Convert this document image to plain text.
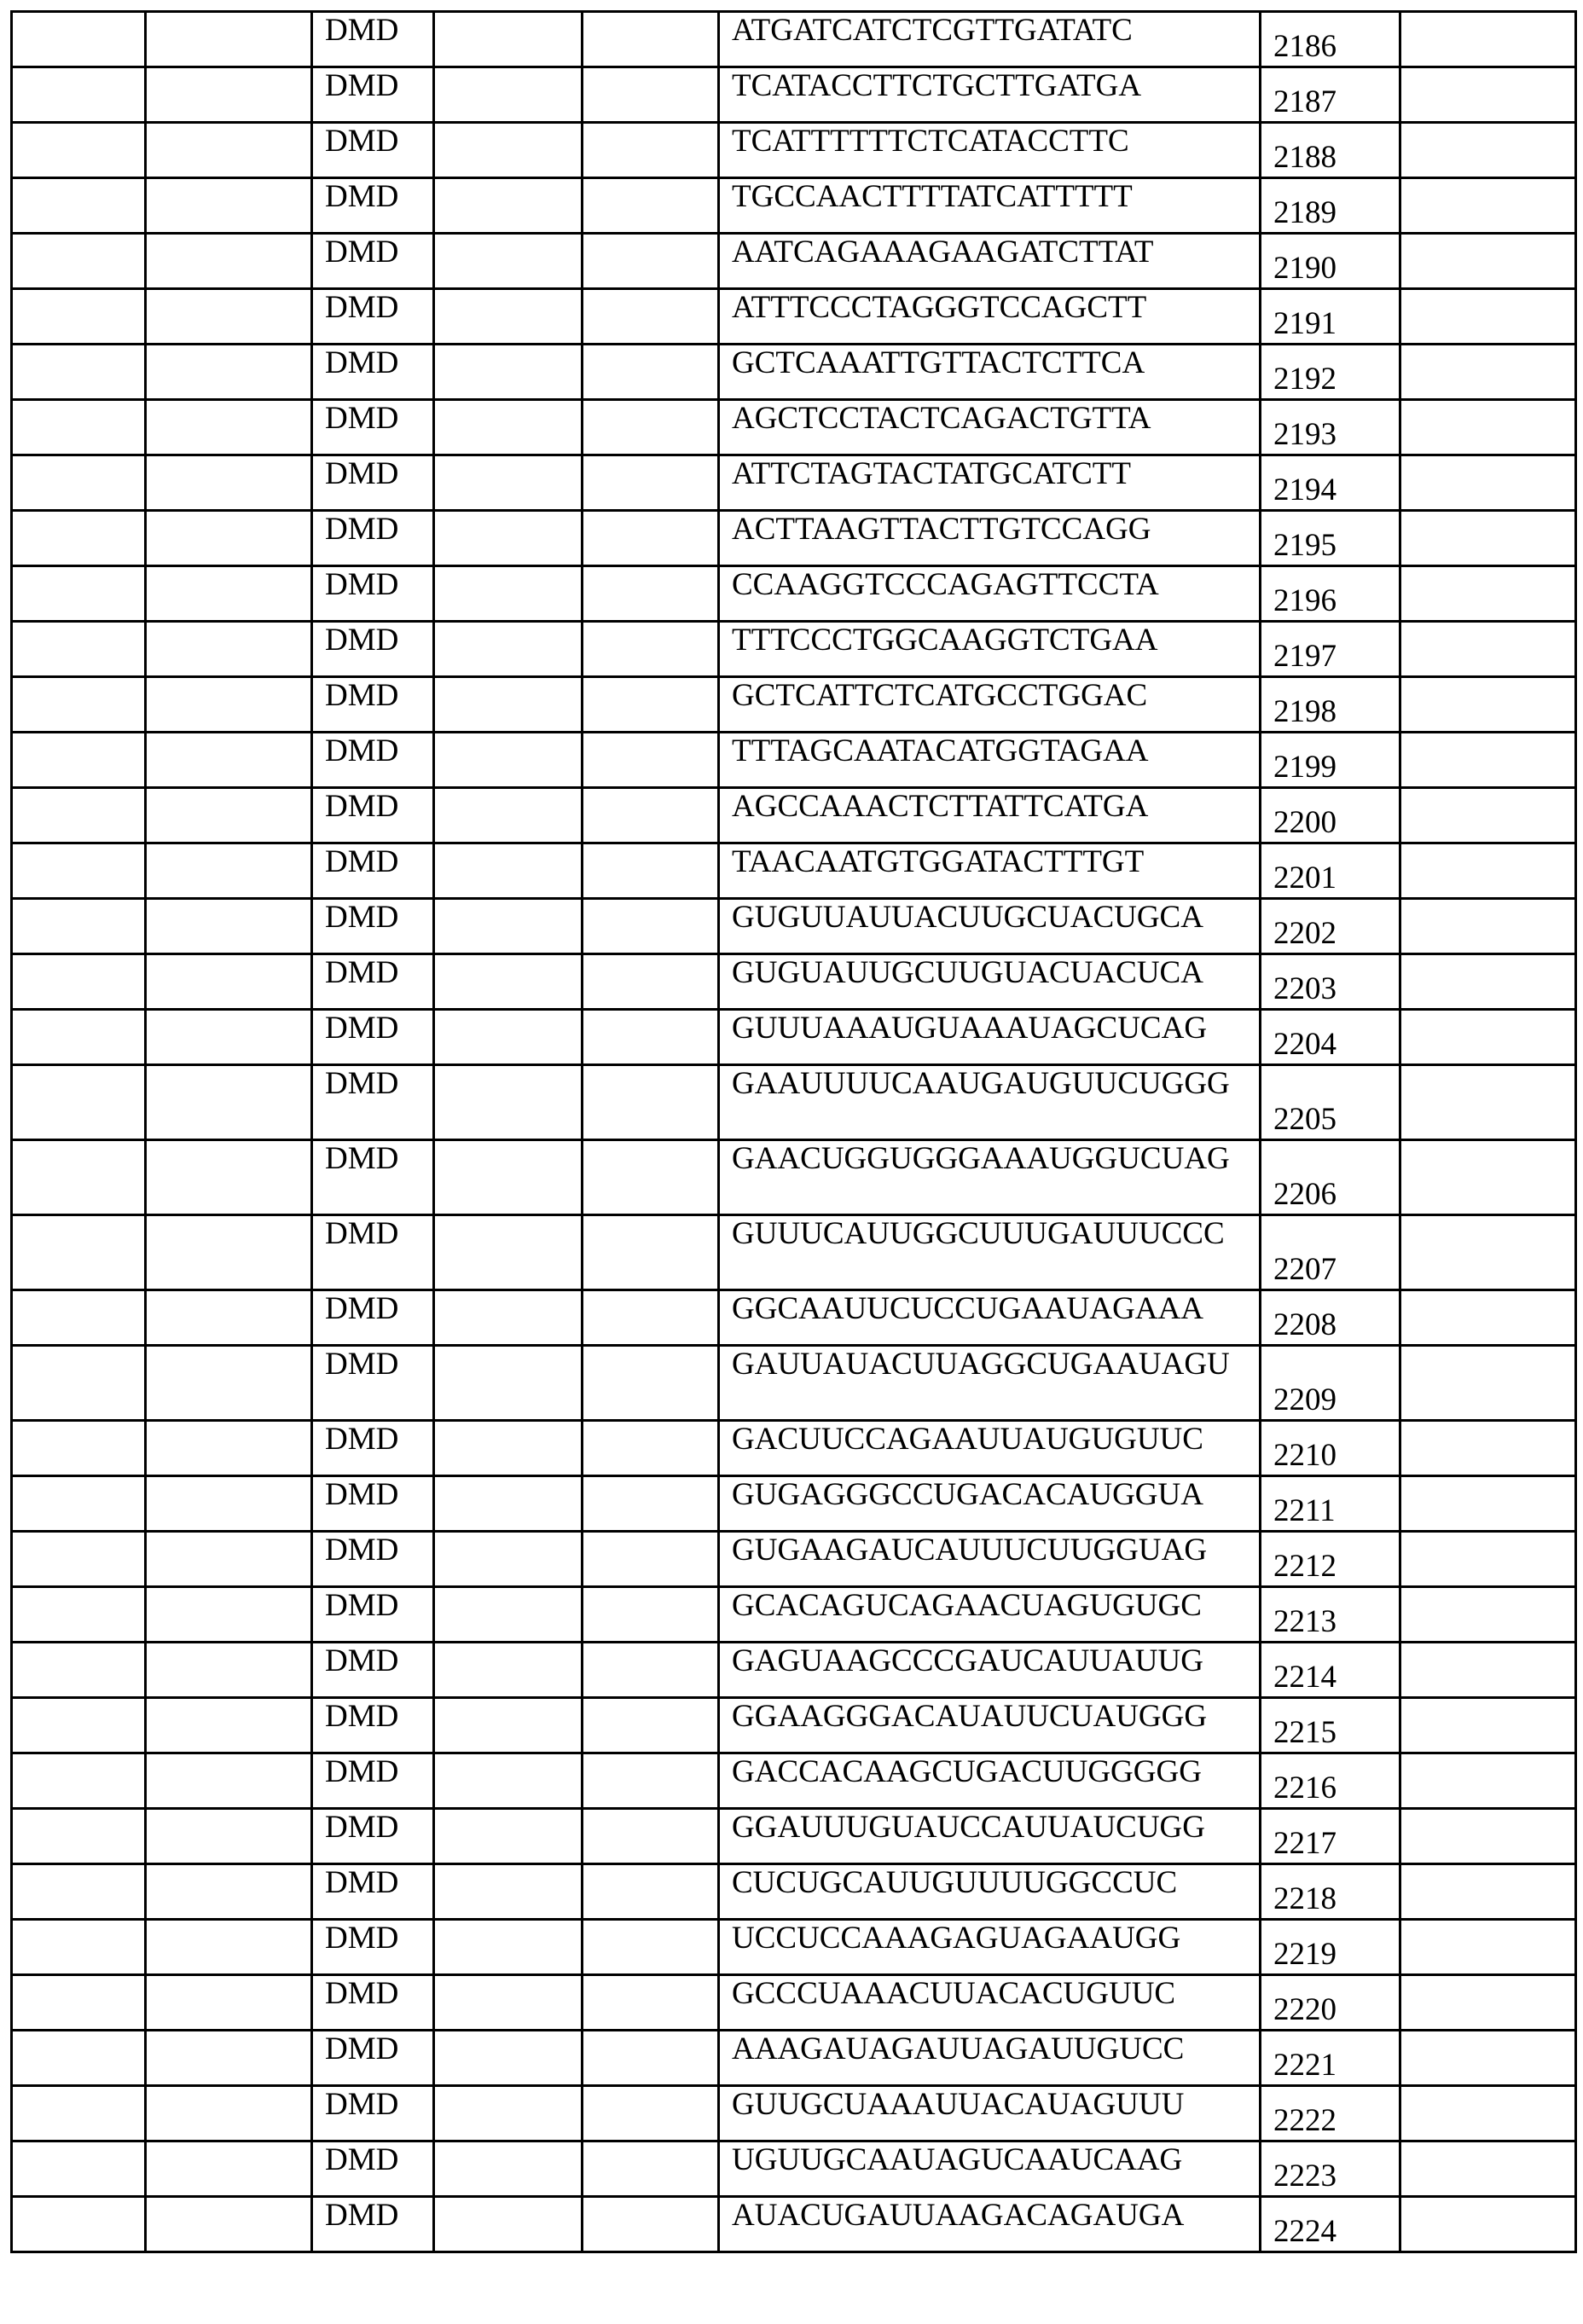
		DMD			ATGATCATCTCGTTGATATC	2186	
		DMD			TCATACCTTCTGCTTGATGA	2187	
		DMD			TCATTTTTTCTCATACCTTC	2188	
		DMD			TGCCAACTTTTATCATTTTT	2189	
		DMD			AATCAGAAAGAAGATCTTAT	2190	
		DMD			ATTTCCCTAGGGTCCAGCTT	2191	
		DMD			GCTCAAATTGTTACTCTTCA	2192	
		DMD			AGCTCCTACTCAGACTGTTA	2193	
		DMD			ATTCTAGTACTATGCATCTT	2194	
		DMD			ACTTAAGTTACTTGTCCAGG	2195	
		DMD			CCAAGGTCCCAGAGTTCCTA	2196	
		DMD			TTTCCCTGGCAAGGTCTGAA	2197	
		DMD			GCTCATTCTCATGCCTGGAC	2198	
		DMD			TTTAGCAATACATGGTAGAA	2199	
		DMD			AGCCAAACTCTTATTCATGA	2200	
		DMD			TAACAATGTGGATACTTTGT	2201	
		DMD			GUGUUAUUACUUGCUACUGCA	2202	
		DMD			GUGUAUUGCUUGUACUACUCA	2203	
		DMD			GUUUAAAUGUAAAUAGCUCAG	2204	
		DMD			GAAUUUUCAAUGAUGUUCUGGG	2205	
		DMD			GAACUGGUGGGAAAUGGUCUAG	2206	
		DMD			GUUUCAUUGGCUUUGAUUUCCC	2207	
		DMD			GGCAAUUCUCCUGAAUAGAAA	2208	
		DMD			GAUUAUACUUAGGCUGAAUAGU	2209	
		DMD			GACUUCCAGAAUUAUGUGUUC	2210	
		DMD			GUGAGGGCCUGACACAUGGUA	2211	
		DMD			GUGAAGAUCAUUUCUUGGUAG	2212	
		DMD			GCACAGUCAGAACUAGUGUGC	2213	
		DMD			GAGUAAGCCCGAUCAUUAUUG	2214	
		DMD			GGAAGGGACAUAUUCUAUGGG	2215	
		DMD			GACCACAAGCUGACUUGGGGG	2216	
		DMD			GGAUUUGUAUCCAUUAUCUGG	2217	
		DMD			CUCUGCAUUGUUUUGGCCUC	2218	
		DMD			UCCUCCAAAGAGUAGAAUGG	2219	
		DMD			GCCCUAAACUUACACUGUUC	2220	
		DMD			AAAGAUAGAUUAGAUUGUCC	2221	
		DMD			GUUGCUAAAUUACAUAGUUU	2222	
		DMD			UGUUGCAAUAGUCAAUCAAG	2223	
		DMD			AUACUGAUUAAGACAGAUGA	2224	
